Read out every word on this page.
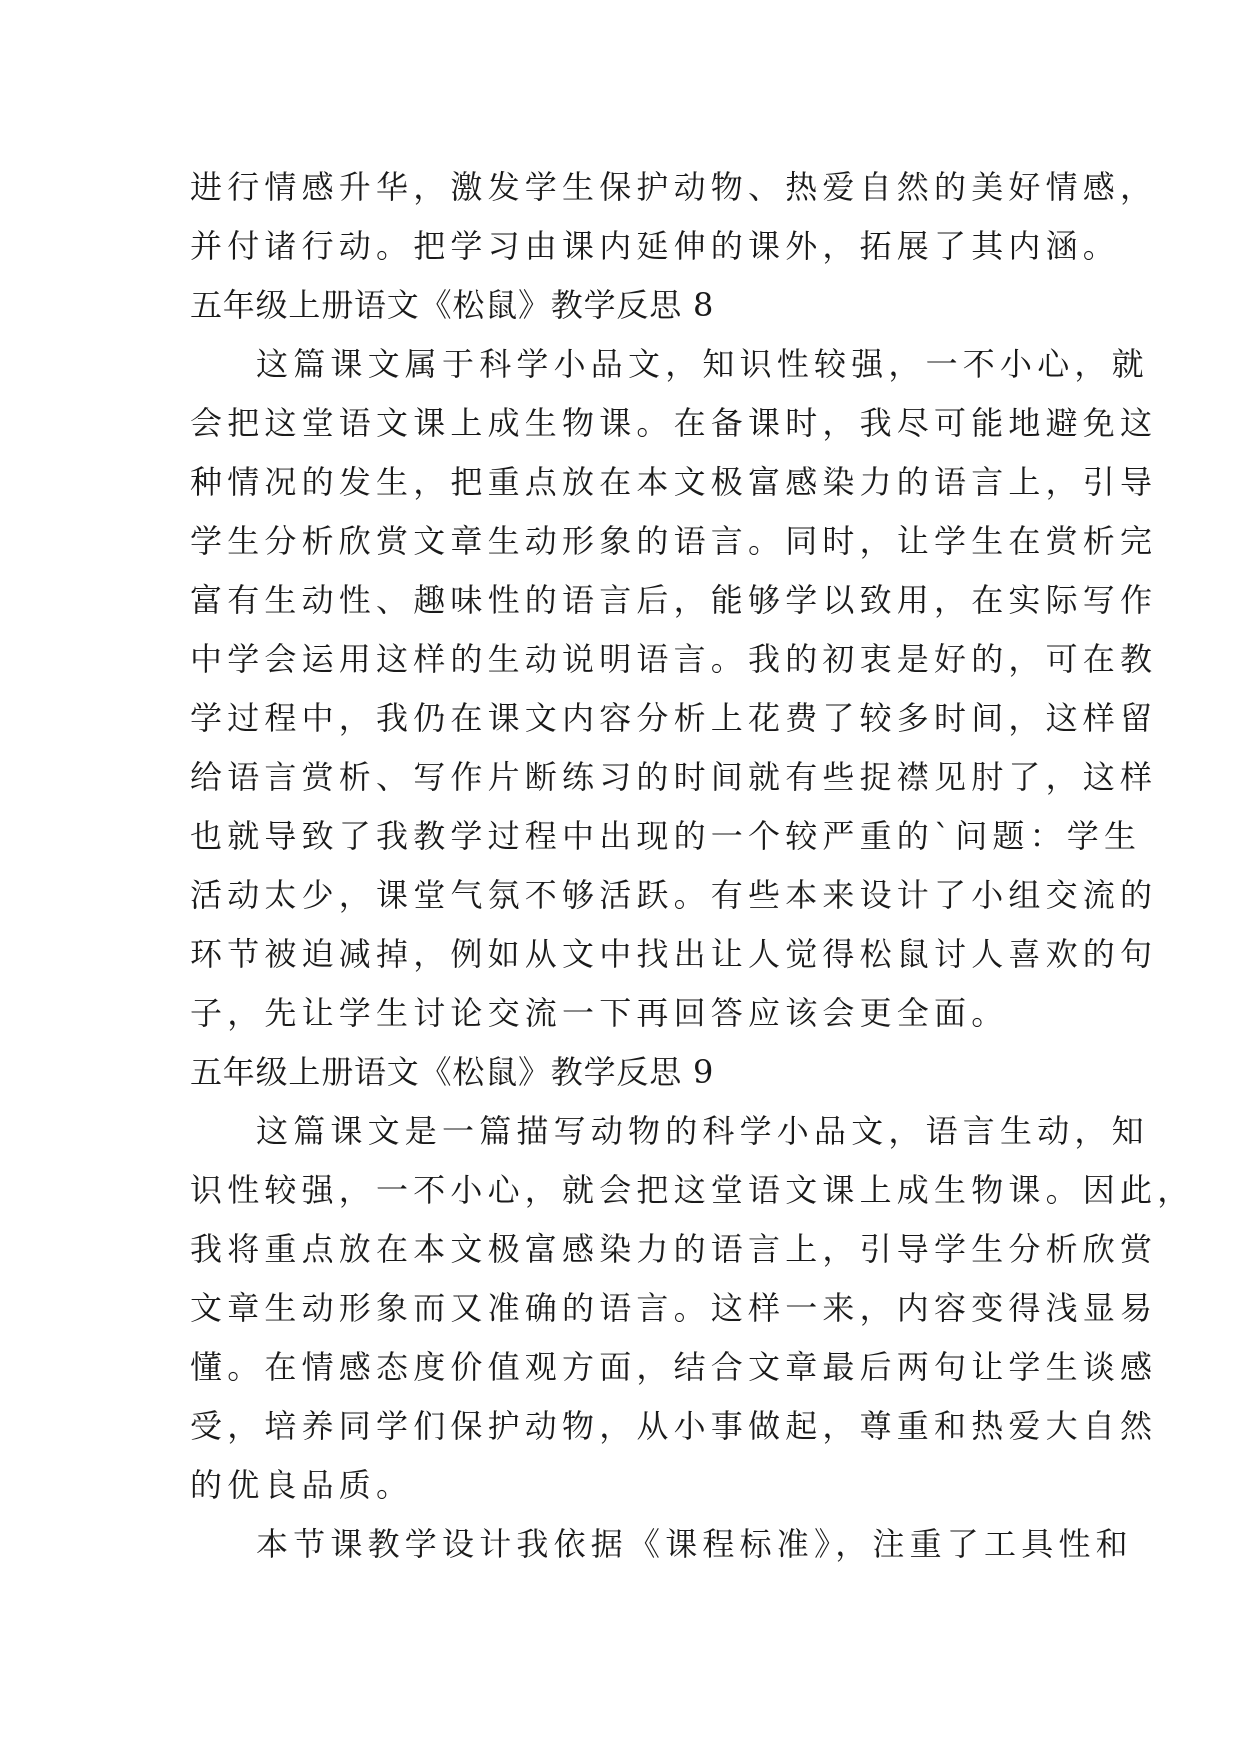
进行情感升华，激发学生保护动物、热爱自然的美好情感，
并付诸行动。把学习由课内延伸的课外，拓展了其内涵。
五年级上册语文《松鼠》教学反思 8
这篇课文属于科学小品文，知识性较强，一不小心，就
会把这堂语文课上成生物课。在备课时，我尽可能地避免这
种情况的发生，把重点放在本文极富感染力的语言上，引导
学生分析欣赏文章生动形象的语言。同时，让学生在赏析完
富有生动性、趣味性的语言后，能够学以致用，在实际写作
中学会运用这样的生动说明语言。我的初衷是好的，可在教
学过程中，我仍在课文内容分析上花费了较多时间，这样留
给语言赏析、写作片断练习的时间就有些捉襟见肘了，这样
也就导致了我教学过程中出现的一个较严重的`问题：学生
活动太少，课堂气氛不够活跃。有些本来设计了小组交流的
环节被迫减掉，例如从文中找出让人觉得松鼠讨人喜欢的句
子，先让学生讨论交流一下再回答应该会更全面。
五年级上册语文《松鼠》教学反思 9
这篇课文是一篇描写动物的科学小品文，语言生动，知
识性较强，一不小心，就会把这堂语文课上成生物课。因此，
我将重点放在本文极富感染力的语言上，引导学生分析欣赏
文章生动形象而又准确的语言。这样一来，内容变得浅显易
懂。在情感态度价值观方面，结合文章最后两句让学生谈感
受，培养同学们保护动物，从小事做起，尊重和热爱大自然
的优良品质。
本节课教学设计我依据《课程标准》，注重了工具性和
